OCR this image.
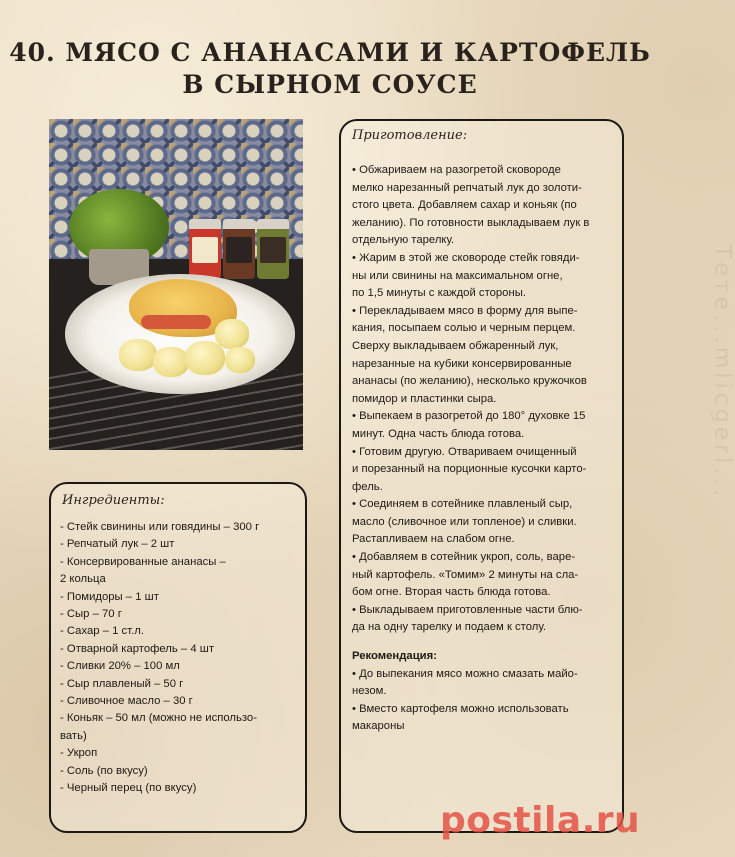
40. МЯСО С АНАНАСАМИ И КАРТОФЕЛЬ
В СЫРНОМ СОУСЕ
Приготовление:

• Обжариваем на разогретой сковороде

мелко нарезанный репчатый лук до золоти-

стого цвета. Добавляем сахар и коньяк (по

желанию). По готовности выкладываем лук в

отдельную тарелку.

• Жарим в этой же сковороде стейк говяди-

ны или свинины на максимальном огне,

по 1,5 минуты с каждой стороны.

• Перекладываем мясо в форму для выпе-

кания, посыпаем солью и черным перцем.

Сверху выкладываем обжаренный лук,

нарезанные на кубики консервированные

ананасы (по желанию), несколько кружочков

помидор и пластинки сыра.

• Выпекаем в разогретой до 180° духовке 15

минут. Одна часть блюда готова.

• Готовим другую. Отвариваем очищенный

и порезанный на порционные кусочки карто-

фель.

• Соединяем в сотейнике плавленый сыр,

масло (сливочное или топленое) и сливки.

Растапливаем на слабом огне.

• Добавляем в сотейник укроп, соль, варе-

ный картофель. «Томим» 2 минуты на сла-

бом огне. Вторая часть блюда готова.

• Выкладываем приготовленные части блю-

да на одну тарелку и подаем к столу.

Рекомендация:

• До выпекания мясо можно смазать майо-

незом.

• Вместо картофеля можно использовать

макароны

Ингредиенты:
- Стейк свинины или говядины – 300 г
- Репчатый лук – 2 шт
- Консервированные ананасы –
2 кольца
- Помидоры – 1 шт
- Сыр – 70 г
- Сахар – 1 ст.л.
- Отварной картофель – 4 шт
- Сливки 20% – 100 мл
- Сыр плавленый – 50 г
- Сливочное масло – 30 г
- Коньяк – 50 мл (можно не использо-
вать)
- Укроп
- Соль (по вкусу)
- Черный перец (по вкусу)
Тете...mlicgerl...
postila.ru
